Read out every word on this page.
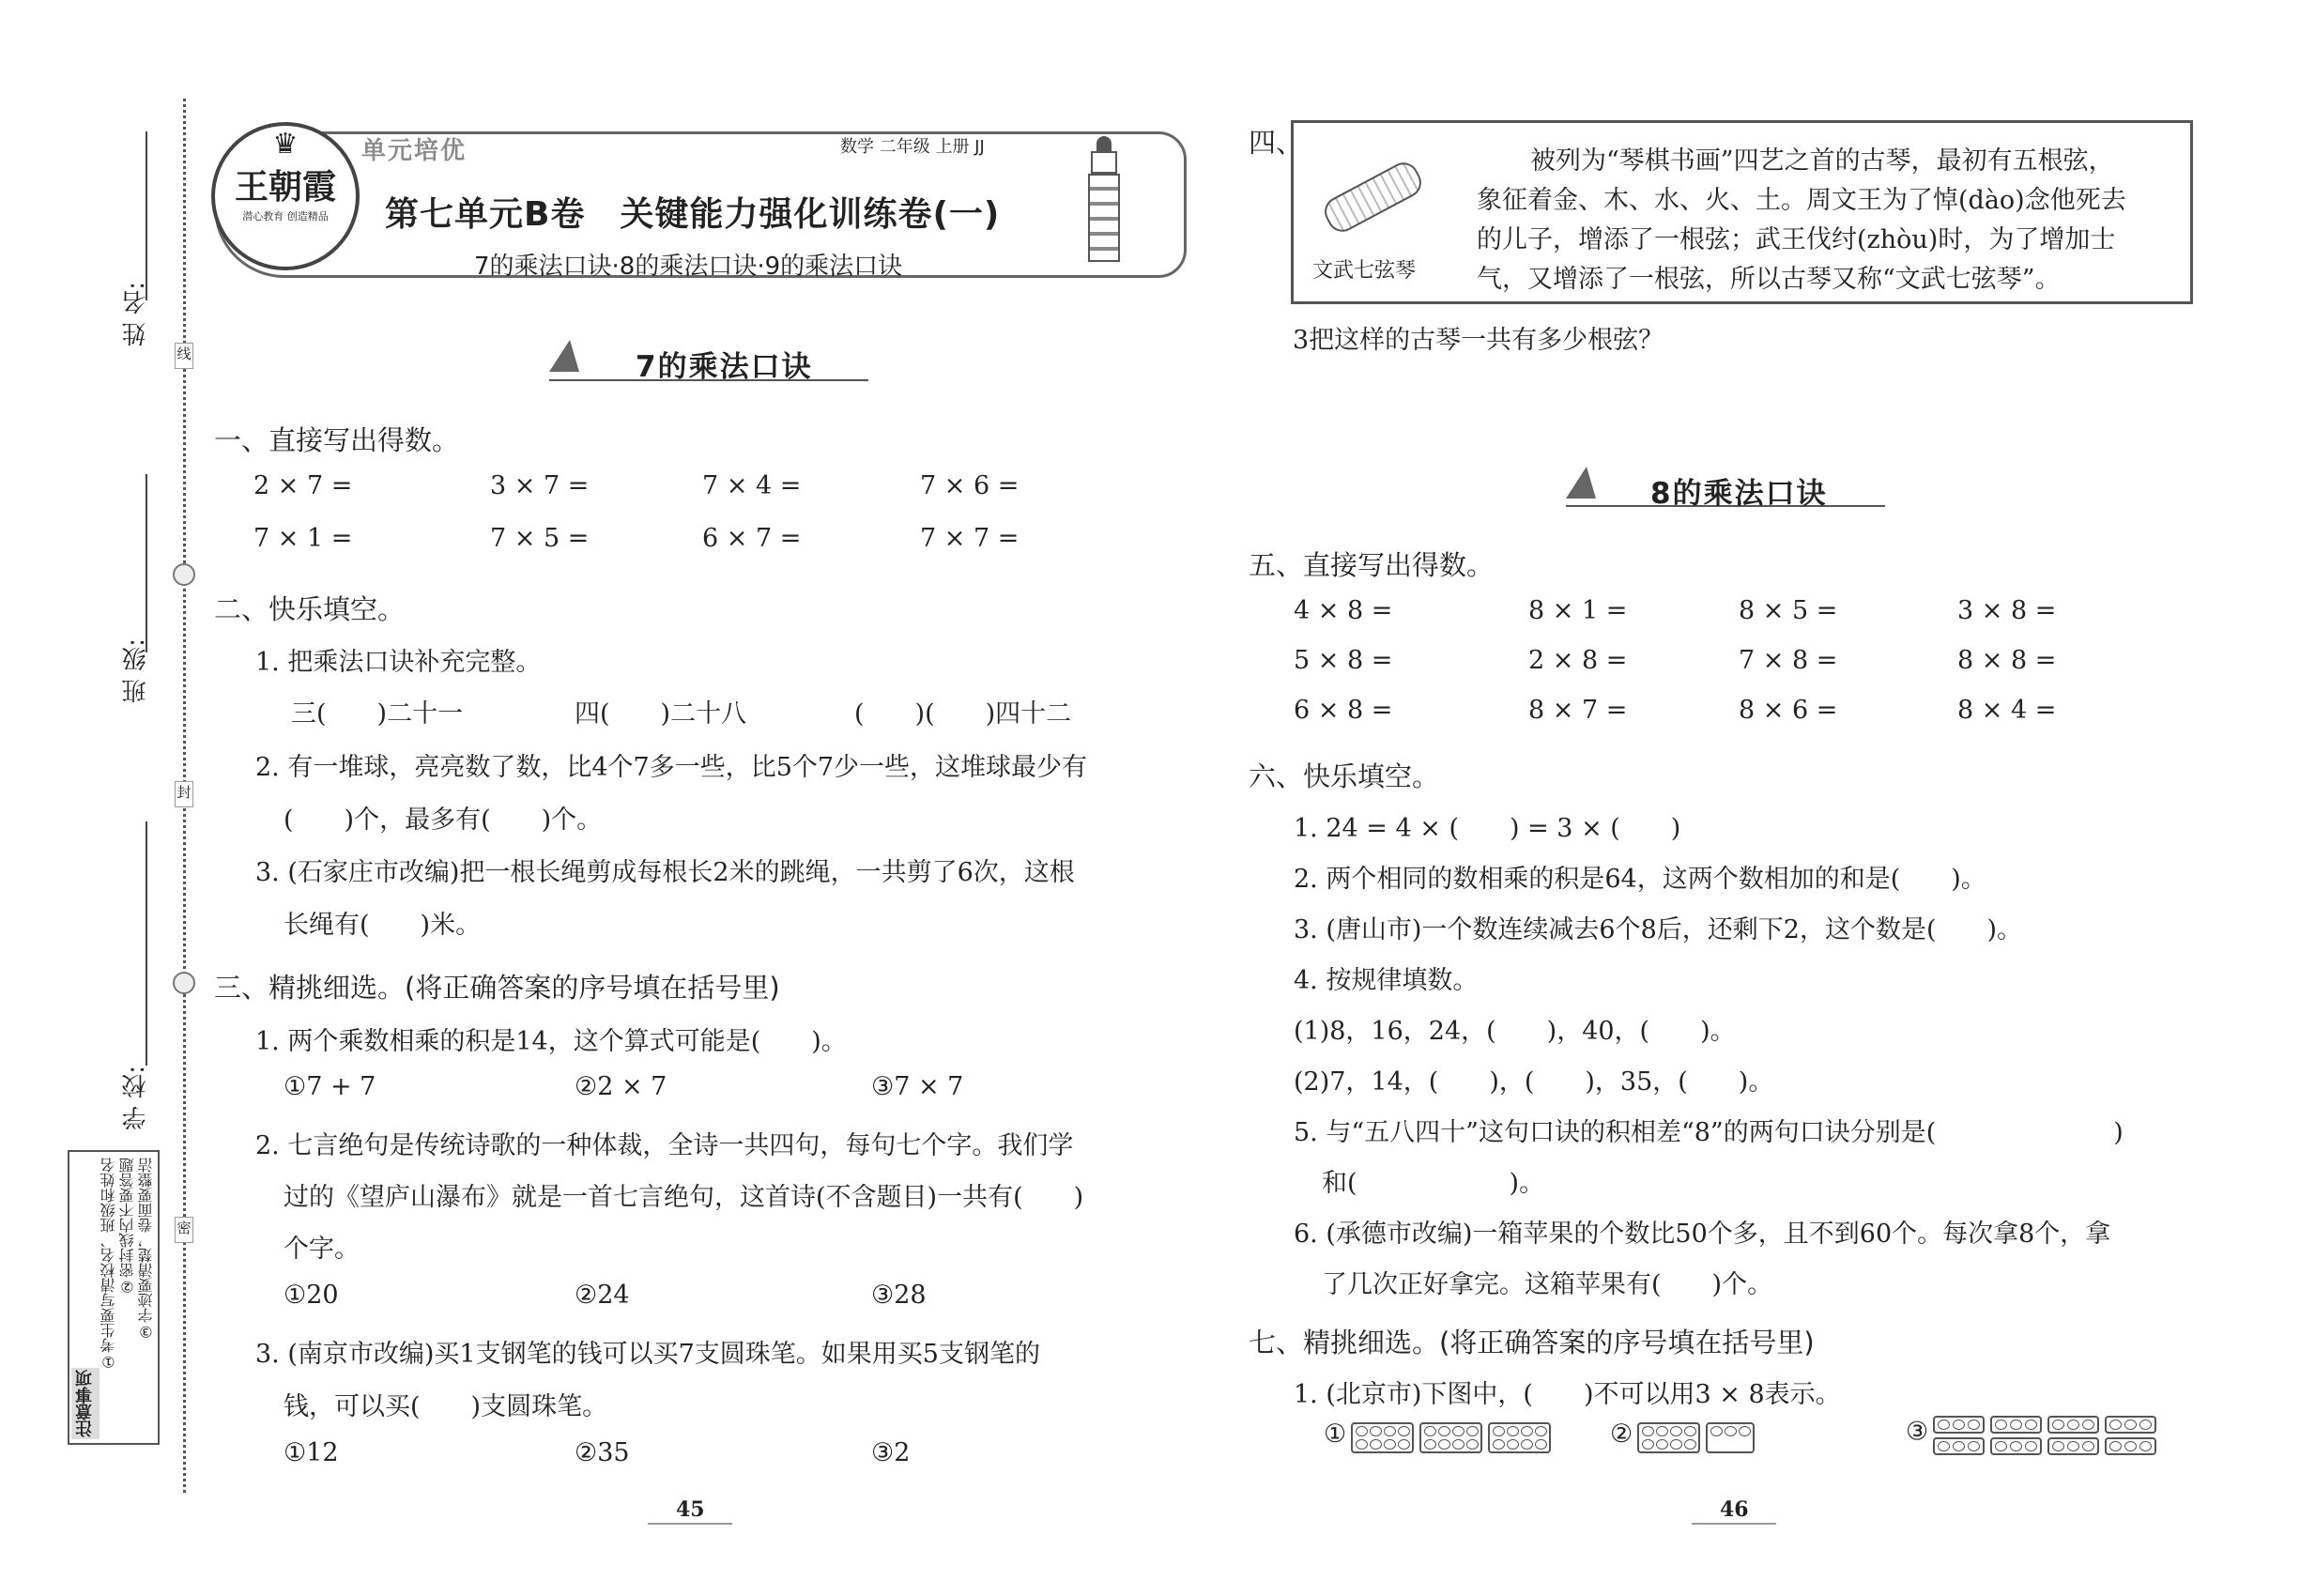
线
封
密
姓 名:
班 级:
学 校:
注意事项
①考生要写清校名、班级和姓名 ②密封线内不要答题 ③字迹要清楚，卷面要整洁
♛
王朝霞
潜心教育 创造精品
单元培优	数学 二年级 上册 JJ
第七单元B卷　关键能力强化训练卷(一)
7的乘法口诀·8的乘法口诀·9的乘法口诀
7的乘法口诀
一、直接写出得数。
2 × 7 =	3 × 7 =	7 × 4 =	7 × 6 =
7 × 1 =	7 × 5 =	6 × 7 =	7 × 7 =
二、快乐填空。
1. 把乘法口诀补充完整。
三(　　)二十一	四(　　)二十八	(　　)(　　)四十二
2. 有一堆球，亮亮数了数，比4个7多一些，比5个7少一些，这堆球最少有
(　　)个，最多有(　　)个。
3. (石家庄市改编)把一根长绳剪成每根长2米的跳绳，一共剪了6次，这根
长绳有(　　)米。
三、精挑细选。(将正确答案的序号填在括号里)
1. 两个乘数相乘的积是14，这个算式可能是(　　)。
①7 + 7	②2 × 7	③7 × 7
2. 七言绝句是传统诗歌的一种体裁，全诗一共四句，每句七个字。我们学
过的《望庐山瀑布》就是一首七言绝句，这首诗(不含题目)一共有(　　)
个字。
①20	②24	③28
3. (南京市改编)买1支钢笔的钱可以买7支圆珠笔。如果用买5支钢笔的
钱，可以买(　　)支圆珠笔。
①12	②35	③2
45
四、
文武七弦琴
被列为“琴棋书画”四艺之首的古琴，最初有五根弦，
象征着金、木、水、火、土。周文王为了悼(dào)念他死去
的儿子，增添了一根弦；武王伐纣(zhòu)时，为了增加士
气，又增添了一根弦，所以古琴又称“文武七弦琴”。
3把这样的古琴一共有多少根弦？
8的乘法口诀
五、直接写出得数。
4 × 8 =	8 × 1 =	8 × 5 =	3 × 8 =
5 × 8 =	2 × 8 =	7 × 8 =	8 × 8 =
6 × 8 =	8 × 7 =	8 × 6 =	8 × 4 =
六、快乐填空。
1. 24 = 4 × (　　) = 3 × (　　)
2. 两个相同的数相乘的积是64，这两个数相加的和是(　　)。
3. (唐山市)一个数连续减去6个8后，还剩下2，这个数是(　　)。
4. 按规律填数。
(1)8，16，24，(　　)，40，(　　)。
(2)7，14，(　　)，(　　)，35，(　　)。
5. 与“五八四十”这句口诀的积相差“8”的两句口诀分别是(　　　　　　　)
和(　　　　　　)。
6. (承德市改编)一箱苹果的个数比50个多，且不到60个。每次拿8个，拿
了几次正好拿完。这箱苹果有(　　)个。
七、精挑细选。(将正确答案的序号填在括号里)
1. (北京市)下图中，(　　)不可以用3 × 8表示。
①	②	③
46
